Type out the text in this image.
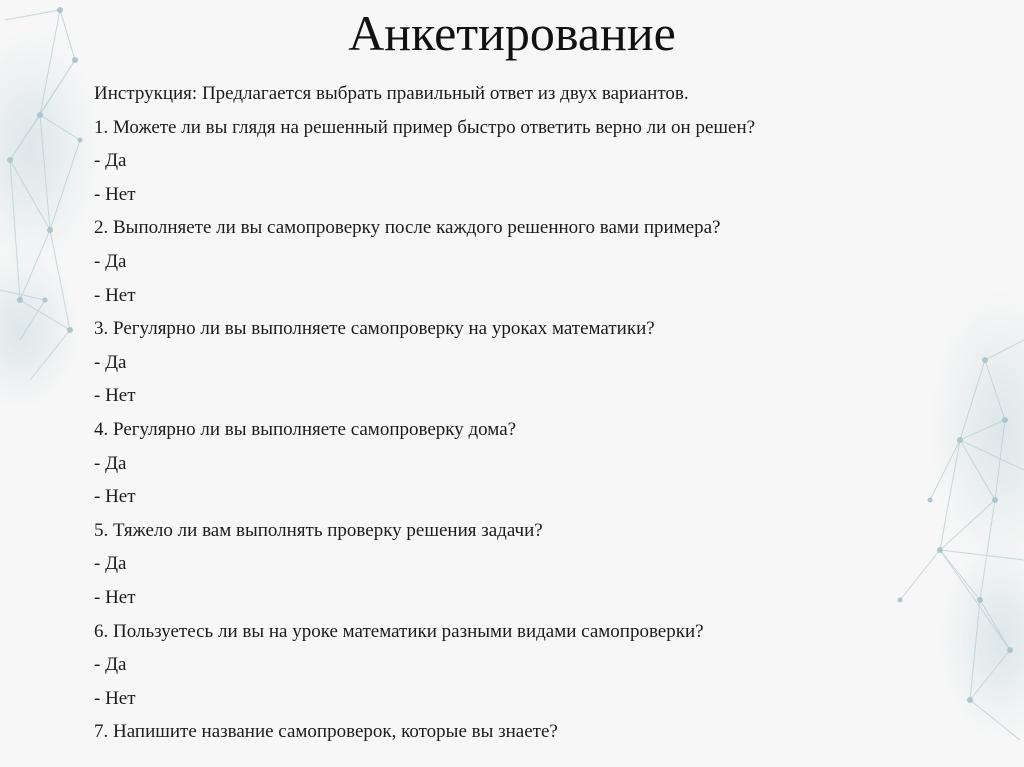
Анкетирование
Инструкция: Предлагается выбрать правильный ответ из двух вариантов.
1. Можете ли вы глядя на решенный пример быстро ответить верно ли он решен?
- Да
- Нет
2. Выполняете ли вы самопроверку после каждого решенного вами примера?
- Да
- Нет
3. Регулярно ли вы выполняете самопроверку на уроках математики?
- Да
- Нет
4. Регулярно ли вы выполняете самопроверку дома?
- Да
- Нет
5. Тяжело ли вам выполнять проверку решения задачи?
- Да
- Нет
6. Пользуетесь ли вы на уроке математики разными видами самопроверки?
- Да
- Нет
7. Напишите название самопроверок, которые вы знаете?
